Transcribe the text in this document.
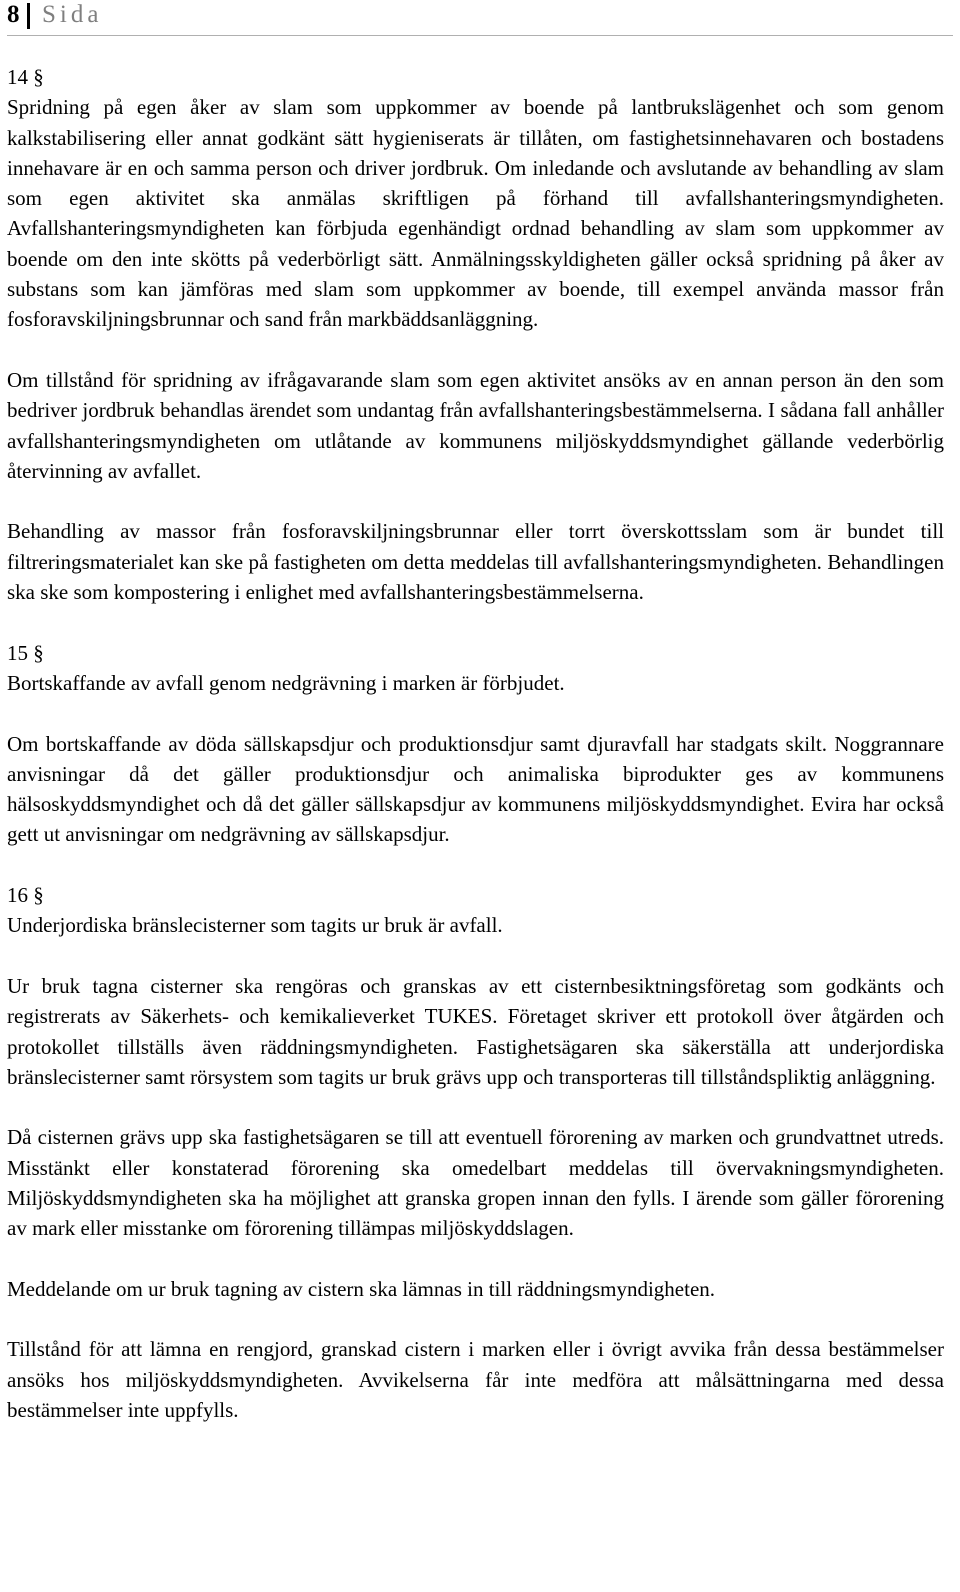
8 Sida

14 §

Spridning på egen åker av slam som uppkommer av boende på lantbrukslägenhet och som genom kalkstabilisering eller annat godkänt sätt hygieniserats är tillåten, om fastighetsinnehavaren och bostadens innehavare är en och samma person och driver jordbruk. Om inledande och avslutande av behandling av slam som egen aktivitet ska anmälas skriftligen på förhand till avfallshanteringsmyndigheten. Avfallshanteringsmyndigheten kan förbjuda egenhändigt ordnad behandling av slam som uppkommer av boende om den inte skötts på vederbörligt sätt. Anmälningsskyldigheten gäller också spridning på åker av substans som kan jämföras med slam som uppkommer av boende, till exempel använda massor från fosforavskiljningsbrunnar och sand från markbäddsanläggning.

Om tillstånd för spridning av ifrågavarande slam som egen aktivitet ansöks av en annan person än den som bedriver jordbruk behandlas ärendet som undantag från avfallshanteringsbestämmelserna. I sådana fall anhåller avfallshanteringsmyndigheten om utlåtande av kommunens miljöskyddsmyndighet gällande vederbörlig återvinning av avfallet.

Behandling av massor från fosforavskiljningsbrunnar eller torrt överskottsslam som är bundet till filtreringsmaterialet kan ske på fastigheten om detta meddelas till avfallshanteringsmyndigheten. Behandlingen ska ske som kompostering i enlighet med avfallshanteringsbestämmelserna.

15 §

Bortskaffande av avfall genom nedgrävning i marken är förbjudet.

Om bortskaffande av döda sällskapsdjur och produktionsdjur samt djuravfall har stadgats skilt. Noggrannare anvisningar då det gäller produktionsdjur och animaliska biprodukter ges av kommunens hälsoskyddsmyndighet och då det gäller sällskapsdjur av kommunens miljöskyddsmyndighet. Evira har också gett ut anvisningar om nedgrävning av sällskapsdjur.

16 §

Underjordiska bränslecisterner som tagits ur bruk är avfall.

Ur bruk tagna cisterner ska rengöras och granskas av ett cisternbesiktningsföretag som godkänts och registrerats av Säkerhets- och kemikalieverket TUKES. Företaget skriver ett protokoll över åtgärden och protokollet tillställs även räddningsmyndigheten. Fastighetsägaren ska säkerställa att underjordiska bränslecisterner samt rörsystem som tagits ur bruk grävs upp och transporteras till tillståndspliktig anläggning.

Då cisternen grävs upp ska fastighetsägaren se till att eventuell förorening av marken och grundvattnet utreds. Misstänkt eller konstaterad förorening ska omedelbart meddelas till övervakningsmyndigheten. Miljöskyddsmyndigheten ska ha möjlighet att granska gropen innan den fylls. I ärende som gäller förorening av mark eller misstanke om förorening tillämpas miljöskyddslagen.

Meddelande om ur bruk tagning av cistern ska lämnas in till räddningsmyndigheten.

Tillstånd för att lämna en rengjord, granskad cistern i marken eller i övrigt avvika från dessa bestämmelser ansöks hos miljöskyddsmyndigheten. Avvikelserna får inte medföra att målsättningarna med dessa bestämmelser inte uppfylls.
